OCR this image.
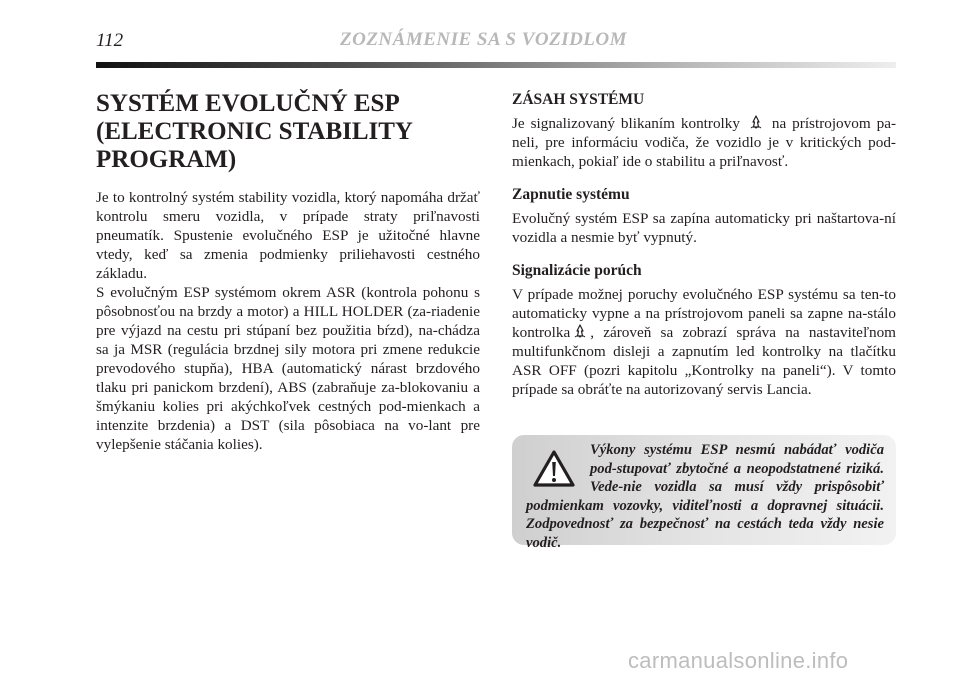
112	ZOZNÁMENIE SA S VOZIDLOM
SYSTÉM EVOLUČNÝ ESP
(ELECTRONIC STABILITY
PROGRAM)

Je to kontrolný systém stability vozidla, ktorý napomáha držať kontrolu smeru vozidla, v prípade straty priľnavosti pneumatík. Spustenie evolučného ESP je užitočné hlavne vtedy, keď sa zmenia podmienky priliehavosti cestného základu.

S evolučným ESP systémom okrem ASR (kontrola pohonu s pôsobnosťou na brzdy a motor) a HILL HOLDER (za-riadenie pre výjazd na cestu pri stúpaní bez použitia bŕzd), na-chádza sa ja MSR (regulácia brzdnej sily motora pri zmene redukcie prevodového stupňa), HBA (automatický nárast brzdového tlaku pri panickom brzdení), ABS (zabraňuje za-blokovaniu a šmýkaniu kolies pri akýchkoľvek cestných pod-mienkach a intenzite brzdenia) a DST (sila pôsobiaca na vo-lant pre vylepšenie stáčania kolies).

ZÁSAH SYSTÉMU

Je signalizovaný blikaním kontrolky na prístrojovom pa-neli, pre informáciu vodiča, že vozidlo je v kritických pod-mienkach, pokiaľ ide o stabilitu a priľnavosť.

Zapnutie systému

Evolučný systém ESP sa zapína automaticky pri naštartova-ní vozidla a nesmie byť vypnutý.

Signalizácie porúch

V prípade možnej poruchy evolučného ESP systému sa ten-to automaticky vypne a na prístrojovom paneli sa zapne na-stálo kontrolka , zároveň sa zobrazí správa na nastaviteľnom multifunkčnom disleji a zapnutím led kontrolky na tlačítku ASR OFF (pozri kapitolu „Kontrolky na paneli“). V tomto prípade sa obráťte na autorizovaný servis Lancia.

Výkony systému ESP nesmú nabádať vodiča pod-stupovať zbytočné a neopodstatnené riziká. Vede-nie vozidla sa musí vždy prispôsobiť podmienkam vozovky, viditeľnosti a dopravnej situácii. Zodpovednosť za bezpečnosť na cestách teda vždy nesie vodič.

carmanualsonline.info
